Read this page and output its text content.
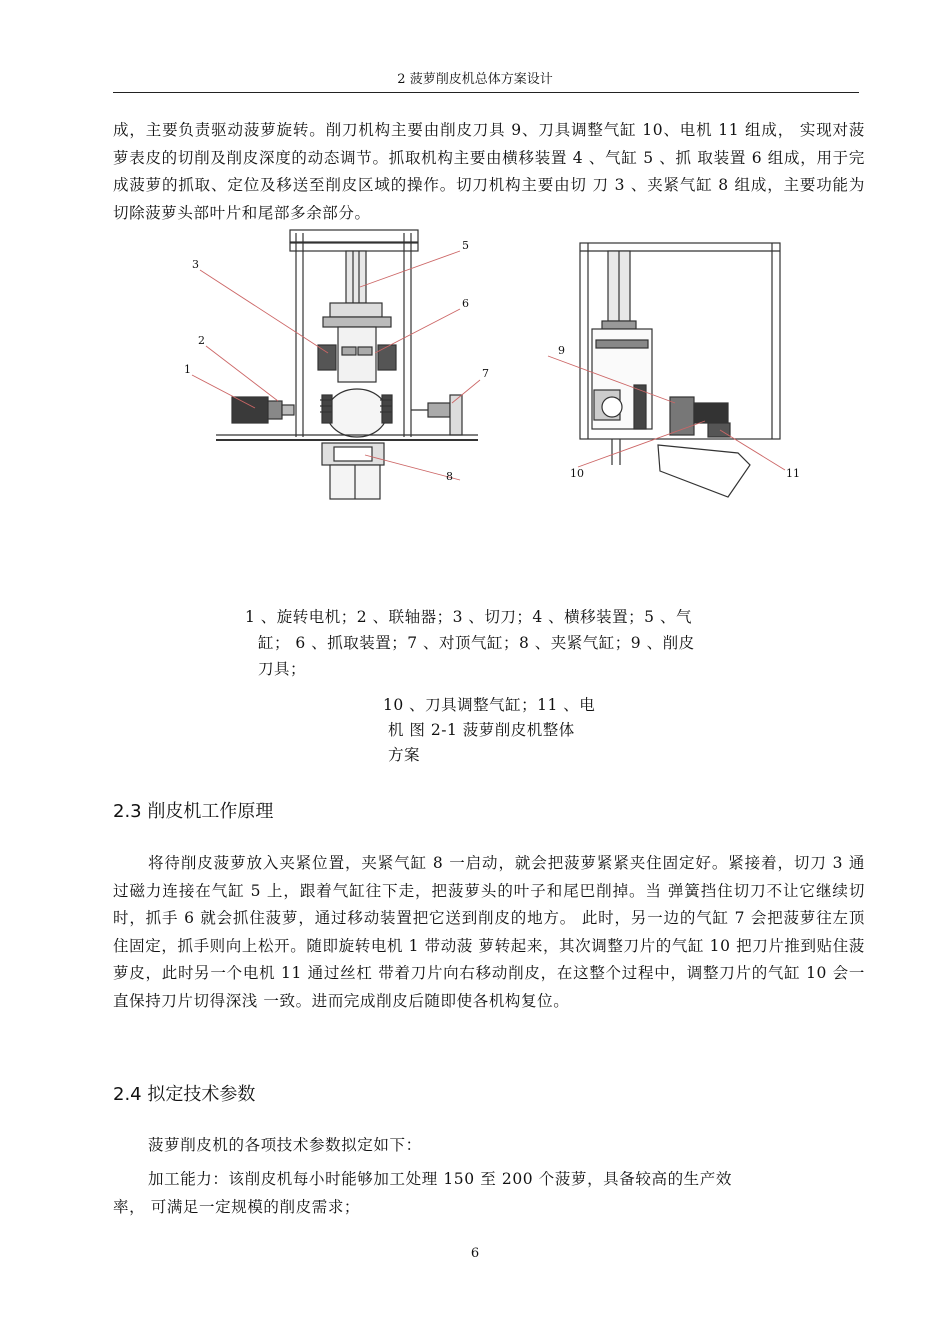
2 菠萝削皮机总体方案设计

成，主要负责驱动菠萝旋转。削刀机构主要由削皮刀具 9、刀具调整气缸 10、电机 11 组成， 实现对菠萝表皮的切削及削皮深度的动态调节。抓取机构主要由横移装置 4 、气缸 5 、抓 取装置 6 组成，用于完成菠萝的抓取、定位及移送至削皮区域的操作。切刀机构主要由切 刀 3 、夹紧气缸 8 组成，主要功能为切除菠萝头部叶片和尾部多余部分。

1
2
3
5
6
7
8
9
10	11

1 、旋转电机；2 、联轴器；3 、切刀；4 、横移装置；5 、气

缸； 6 、抓取装置；7 、对顶气缸；8 、夹紧气缸；9 、削皮

刀具；

10 、刀具调整气缸；11 、电

机 图 2-1 菠萝削皮机整体

方案

2.3 削皮机工作原理

将待削皮菠萝放入夹紧位置，夹紧气缸 8 一启动，就会把菠萝紧紧夹住固定好。紧接着，切刀 3 通过磁力连接在气缸 5 上，跟着气缸往下走，把菠萝头的叶子和尾巴削掉。当 弹簧挡住切刀不让它继续切时，抓手 6 就会抓住菠萝，通过移动装置把它送到削皮的地方。 此时，另一边的气缸 7 会把菠萝往左顶住固定，抓手则向上松开。随即旋转电机 1 带动菠 萝转起来，其次调整刀片的气缸 10 把刀片推到贴住菠萝皮，此时另一个电机 11 通过丝杠 带着刀片向右移动削皮，在这整个过程中，调整刀片的气缸 10 会一直保持刀片切得深浅 一致。进而完成削皮后随即使各机构复位。

2.4 拟定技术参数

菠萝削皮机的各项技术参数拟定如下：

加工能力：该削皮机每小时能够加工处理 150 至 200 个菠萝，具备较高的生产效

率， 可满足一定规模的削皮需求；

6
